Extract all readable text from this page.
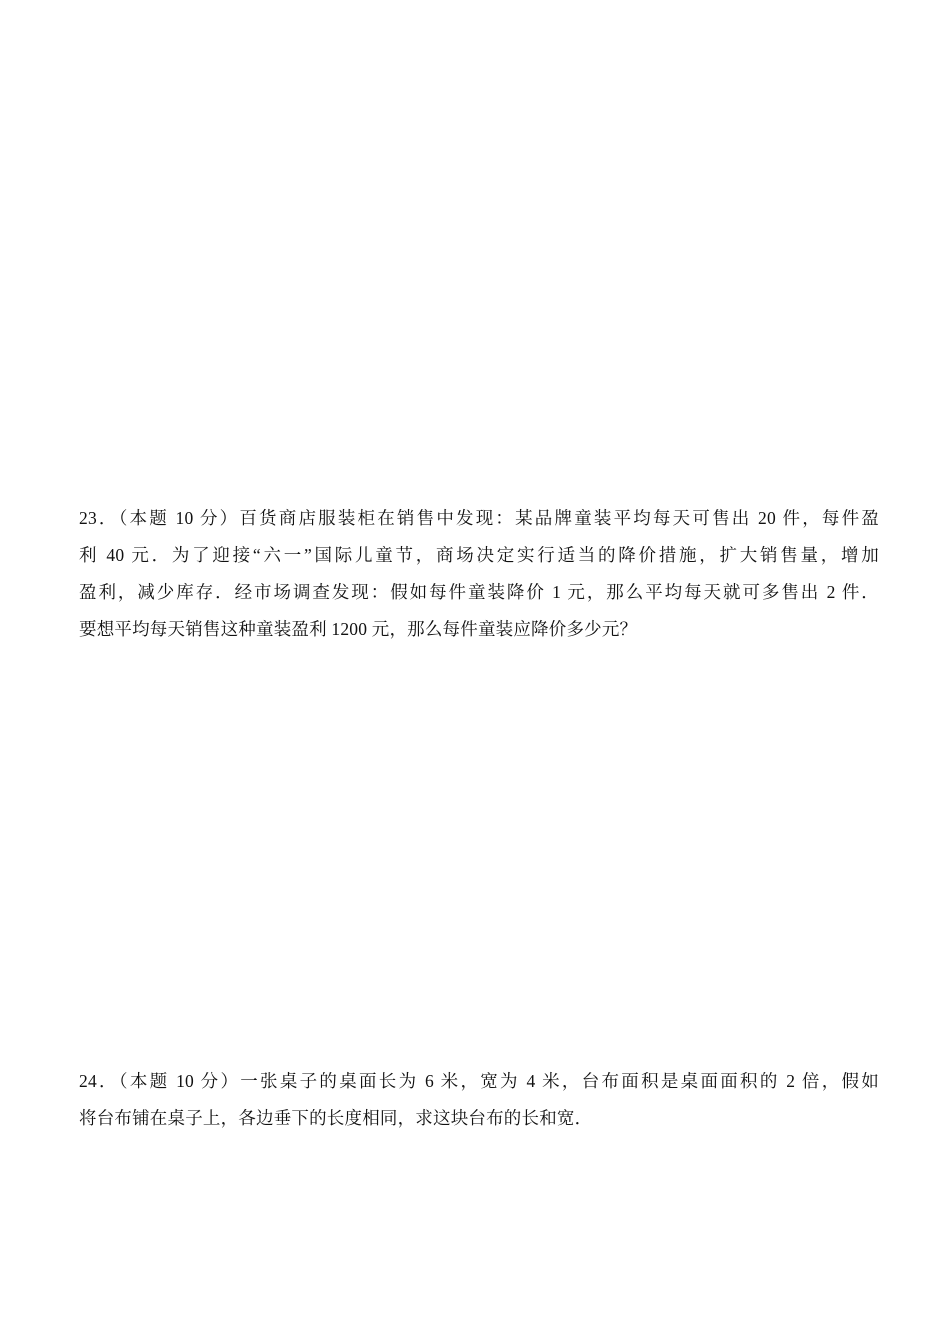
23．（本题 10 分）百货商店服装柜在销售中发现：某品牌童装平均每天可售出 20 件，每件盈
利 40 元．为了迎接“六一”国际儿童节，商场决定实行适当的降价措施，扩大销售量，增加
盈利，减少库存．经市场调查发现：假如每件童装降价 1 元，那么平均每天就可多售出 2 件．
要想平均每天销售这种童装盈利 1200 元，那么每件童装应降价多少元？
24．（本题 10 分）一张桌子的桌面长为 6 米，宽为 4 米，台布面积是桌面面积的 2 倍，假如
将台布铺在桌子上，各边垂下的长度相同，求这块台布的长和宽．
